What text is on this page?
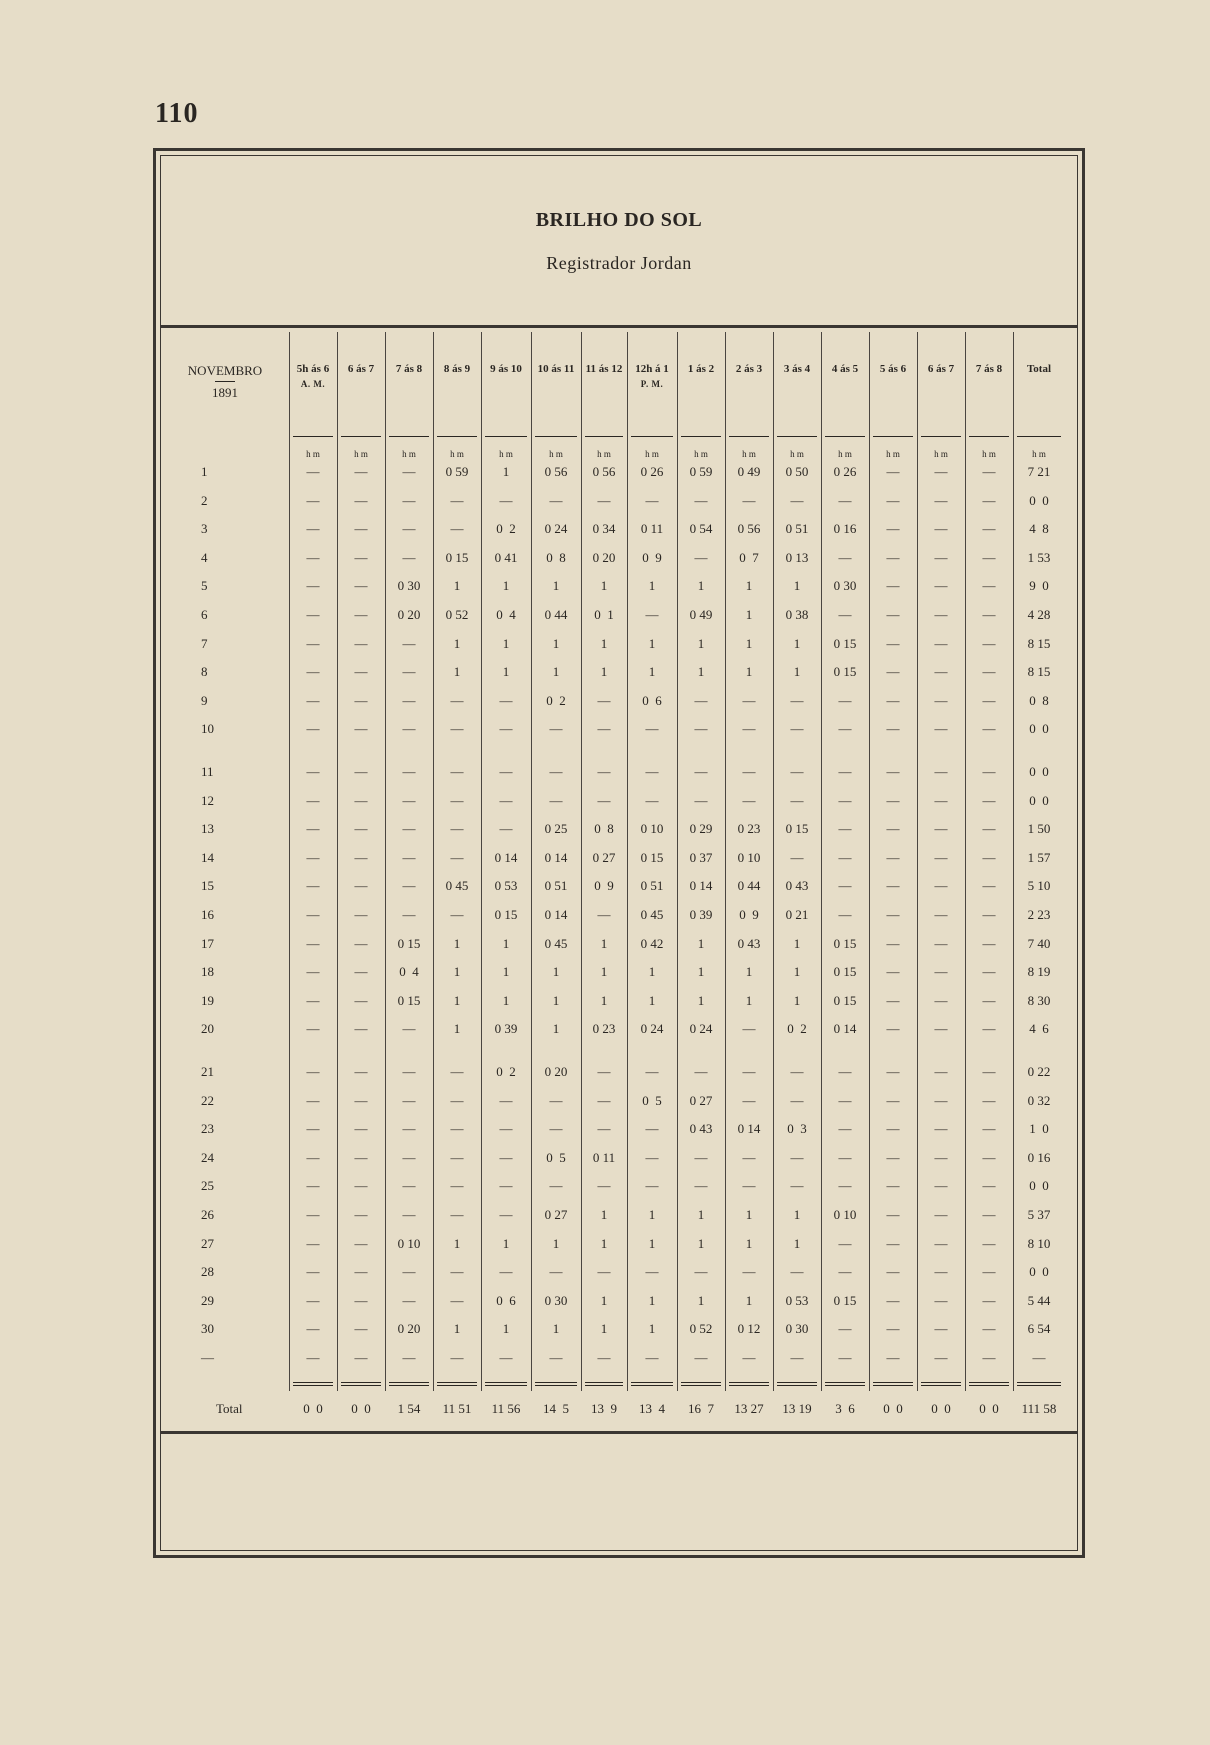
110
BRILHO DO SOL
Registrador Jordan
NOVEMBRO
1891
5h ás 6
A. M.
h m
6 ás 7
h m
7 ás 8
h m
8 ás 9
h m
9 ás 10
h m
10 ás 11
h m
11 ás 12
h m
12h á 1
P. M.
h m
1 ás 2
h m
2 ás 3
h m
3 ás 4
h m
4 ás 5
h m
5 ás 6
h m
6 ás 7
h m
7 ás 8
h m
Total
h m
1	—	—	—	0 59	1	0 56	0 56	0 26	0 59	0 49	0 50	0 26	—	—	—	7 21
2	—	—	—	—	—	—	—	—	—	—	—	—	—	—	—	0  0
3	—	—	—	—	0  2	0 24	0 34	0 11	0 54	0 56	0 51	0 16	—	—	—	4  8
4	—	—	—	0 15	0 41	0  8	0 20	0  9	—	0  7	0 13	—	—	—	—	1 53
5	—	—	0 30	1	1	1	1	1	1	1	1	0 30	—	—	—	9  0
6	—	—	0 20	0 52	0  4	0 44	0  1	—	0 49	1	0 38	—	—	—	—	4 28
7	—	—	—	1	1	1	1	1	1	1	1	0 15	—	—	—	8 15
8	—	—	—	1	1	1	1	1	1	1	1	0 15	—	—	—	8 15
9	—	—	—	—	—	0  2	—	0  6	—	—	—	—	—	—	—	0  8
10	—	—	—	—	—	—	—	—	—	—	—	—	—	—	—	0  0
11	—	—	—	—	—	—	—	—	—	—	—	—	—	—	—	0  0
12	—	—	—	—	—	—	—	—	—	—	—	—	—	—	—	0  0
13	—	—	—	—	—	0 25	0  8	0 10	0 29	0 23	0 15	—	—	—	—	1 50
14	—	—	—	—	0 14	0 14	0 27	0 15	0 37	0 10	—	—	—	—	—	1 57
15	—	—	—	0 45	0 53	0 51	0  9	0 51	0 14	0 44	0 43	—	—	—	—	5 10
16	—	—	—	—	0 15	0 14	—	0 45	0 39	0  9	0 21	—	—	—	—	2 23
17	—	—	0 15	1	1	0 45	1	0 42	1	0 43	1	0 15	—	—	—	7 40
18	—	—	0  4	1	1	1	1	1	1	1	1	0 15	—	—	—	8 19
19	—	—	0 15	1	1	1	1	1	1	1	1	0 15	—	—	—	8 30
20	—	—	—	1	0 39	1	0 23	0 24	0 24	—	0  2	0 14	—	—	—	4  6
21	—	—	—	—	0  2	0 20	—	—	—	—	—	—	—	—	—	0 22
22	—	—	—	—	—	—	—	0  5	0 27	—	—	—	—	—	—	0 32
23	—	—	—	—	—	—	—	—	0 43	0 14	0  3	—	—	—	—	1  0
24	—	—	—	—	—	0  5	0 11	—	—	—	—	—	—	—	—	0 16
25	—	—	—	—	—	—	—	—	—	—	—	—	—	—	—	0  0
26	—	—	—	—	—	0 27	1	1	1	1	1	0 10	—	—	—	5 37
27	—	—	0 10	1	1	1	1	1	1	1	1	—	—	—	—	8 10
28	—	—	—	—	—	—	—	—	—	—	—	—	—	—	—	0  0
29	—	—	—	—	0  6	0 30	1	1	1	1	0 53	0 15	—	—	—	5 44
30	—	—	0 20	1	1	1	1	1	0 52	0 12	0 30	—	—	—	—	6 54
—	—	—	—	—	—	—	—	—	—	—	—	—	—	—	—	—
Total	0  0	0  0	1 54	11 51	11 56	14  5	13  9	13  4	16  7	13 27	13 19	3  6	0  0	0  0	0  0	111 58
